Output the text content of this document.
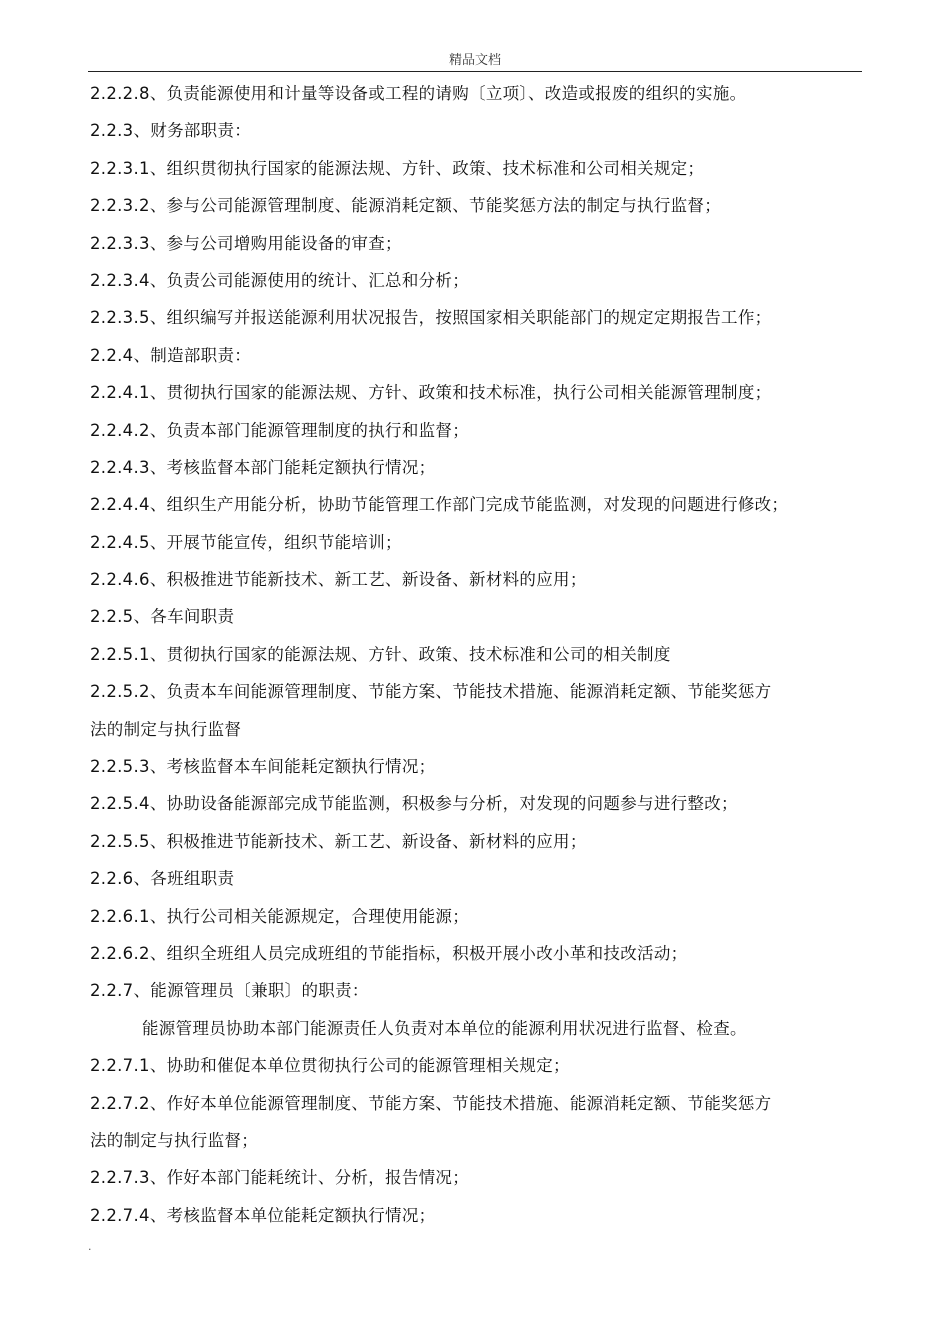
精品文档
2.2.2.8、负责能源使用和计量等设备或工程的请购〔立项〕、改造或报废的组织的实施。
2.2.3、财务部职责：
2.2.3.1、组织贯彻执行国家的能源法规、方针、政策、技术标准和公司相关规定；
2.2.3.2、参与公司能源管理制度、能源消耗定额、节能奖惩方法的制定与执行监督；
2.2.3.3、参与公司增购用能设备的审查；
2.2.3.4、负责公司能源使用的统计、汇总和分析；
2.2.3.5、组织编写并报送能源利用状况报告，按照国家相关职能部门的规定定期报告工作；
2.2.4、制造部职责：
2.2.4.1、贯彻执行国家的能源法规、方针、政策和技术标准，执行公司相关能源管理制度；
2.2.4.2、负责本部门能源管理制度的执行和监督；
2.2.4.3、考核监督本部门能耗定额执行情况；
2.2.4.4、组织生产用能分析，协助节能管理工作部门完成节能监测，对发现的问题进行修改；
2.2.4.5、开展节能宣传，组织节能培训；
2.2.4.6、积极推进节能新技术、新工艺、新设备、新材料的应用；
2.2.5、各车间职责
2.2.5.1、贯彻执行国家的能源法规、方针、政策、技术标准和公司的相关制度
2.2.5.2、负责本车间能源管理制度、节能方案、节能技术措施、能源消耗定额、节能奖惩方
法的制定与执行监督
2.2.5.3、考核监督本车间能耗定额执行情况；
2.2.5.4、协助设备能源部完成节能监测，积极参与分析，对发现的问题参与进行整改；
2.2.5.5、积极推进节能新技术、新工艺、新设备、新材料的应用；
2.2.6、各班组职责
2.2.6.1、执行公司相关能源规定，合理使用能源；
2.2.6.2、组织全班组人员完成班组的节能指标，积极开展小改小革和技改活动；
2.2.7、能源管理员〔兼职〕的职责：
能源管理员协助本部门能源责任人负责对本单位的能源利用状况进行监督、检查。
2.2.7.1、协助和催促本单位贯彻执行公司的能源管理相关规定；
2.2.7.2、作好本单位能源管理制度、节能方案、节能技术措施、能源消耗定额、节能奖惩方
法的制定与执行监督；
2.2.7.3、作好本部门能耗统计、分析，报告情况；
2.2.7.4、考核监督本单位能耗定额执行情况；
.
